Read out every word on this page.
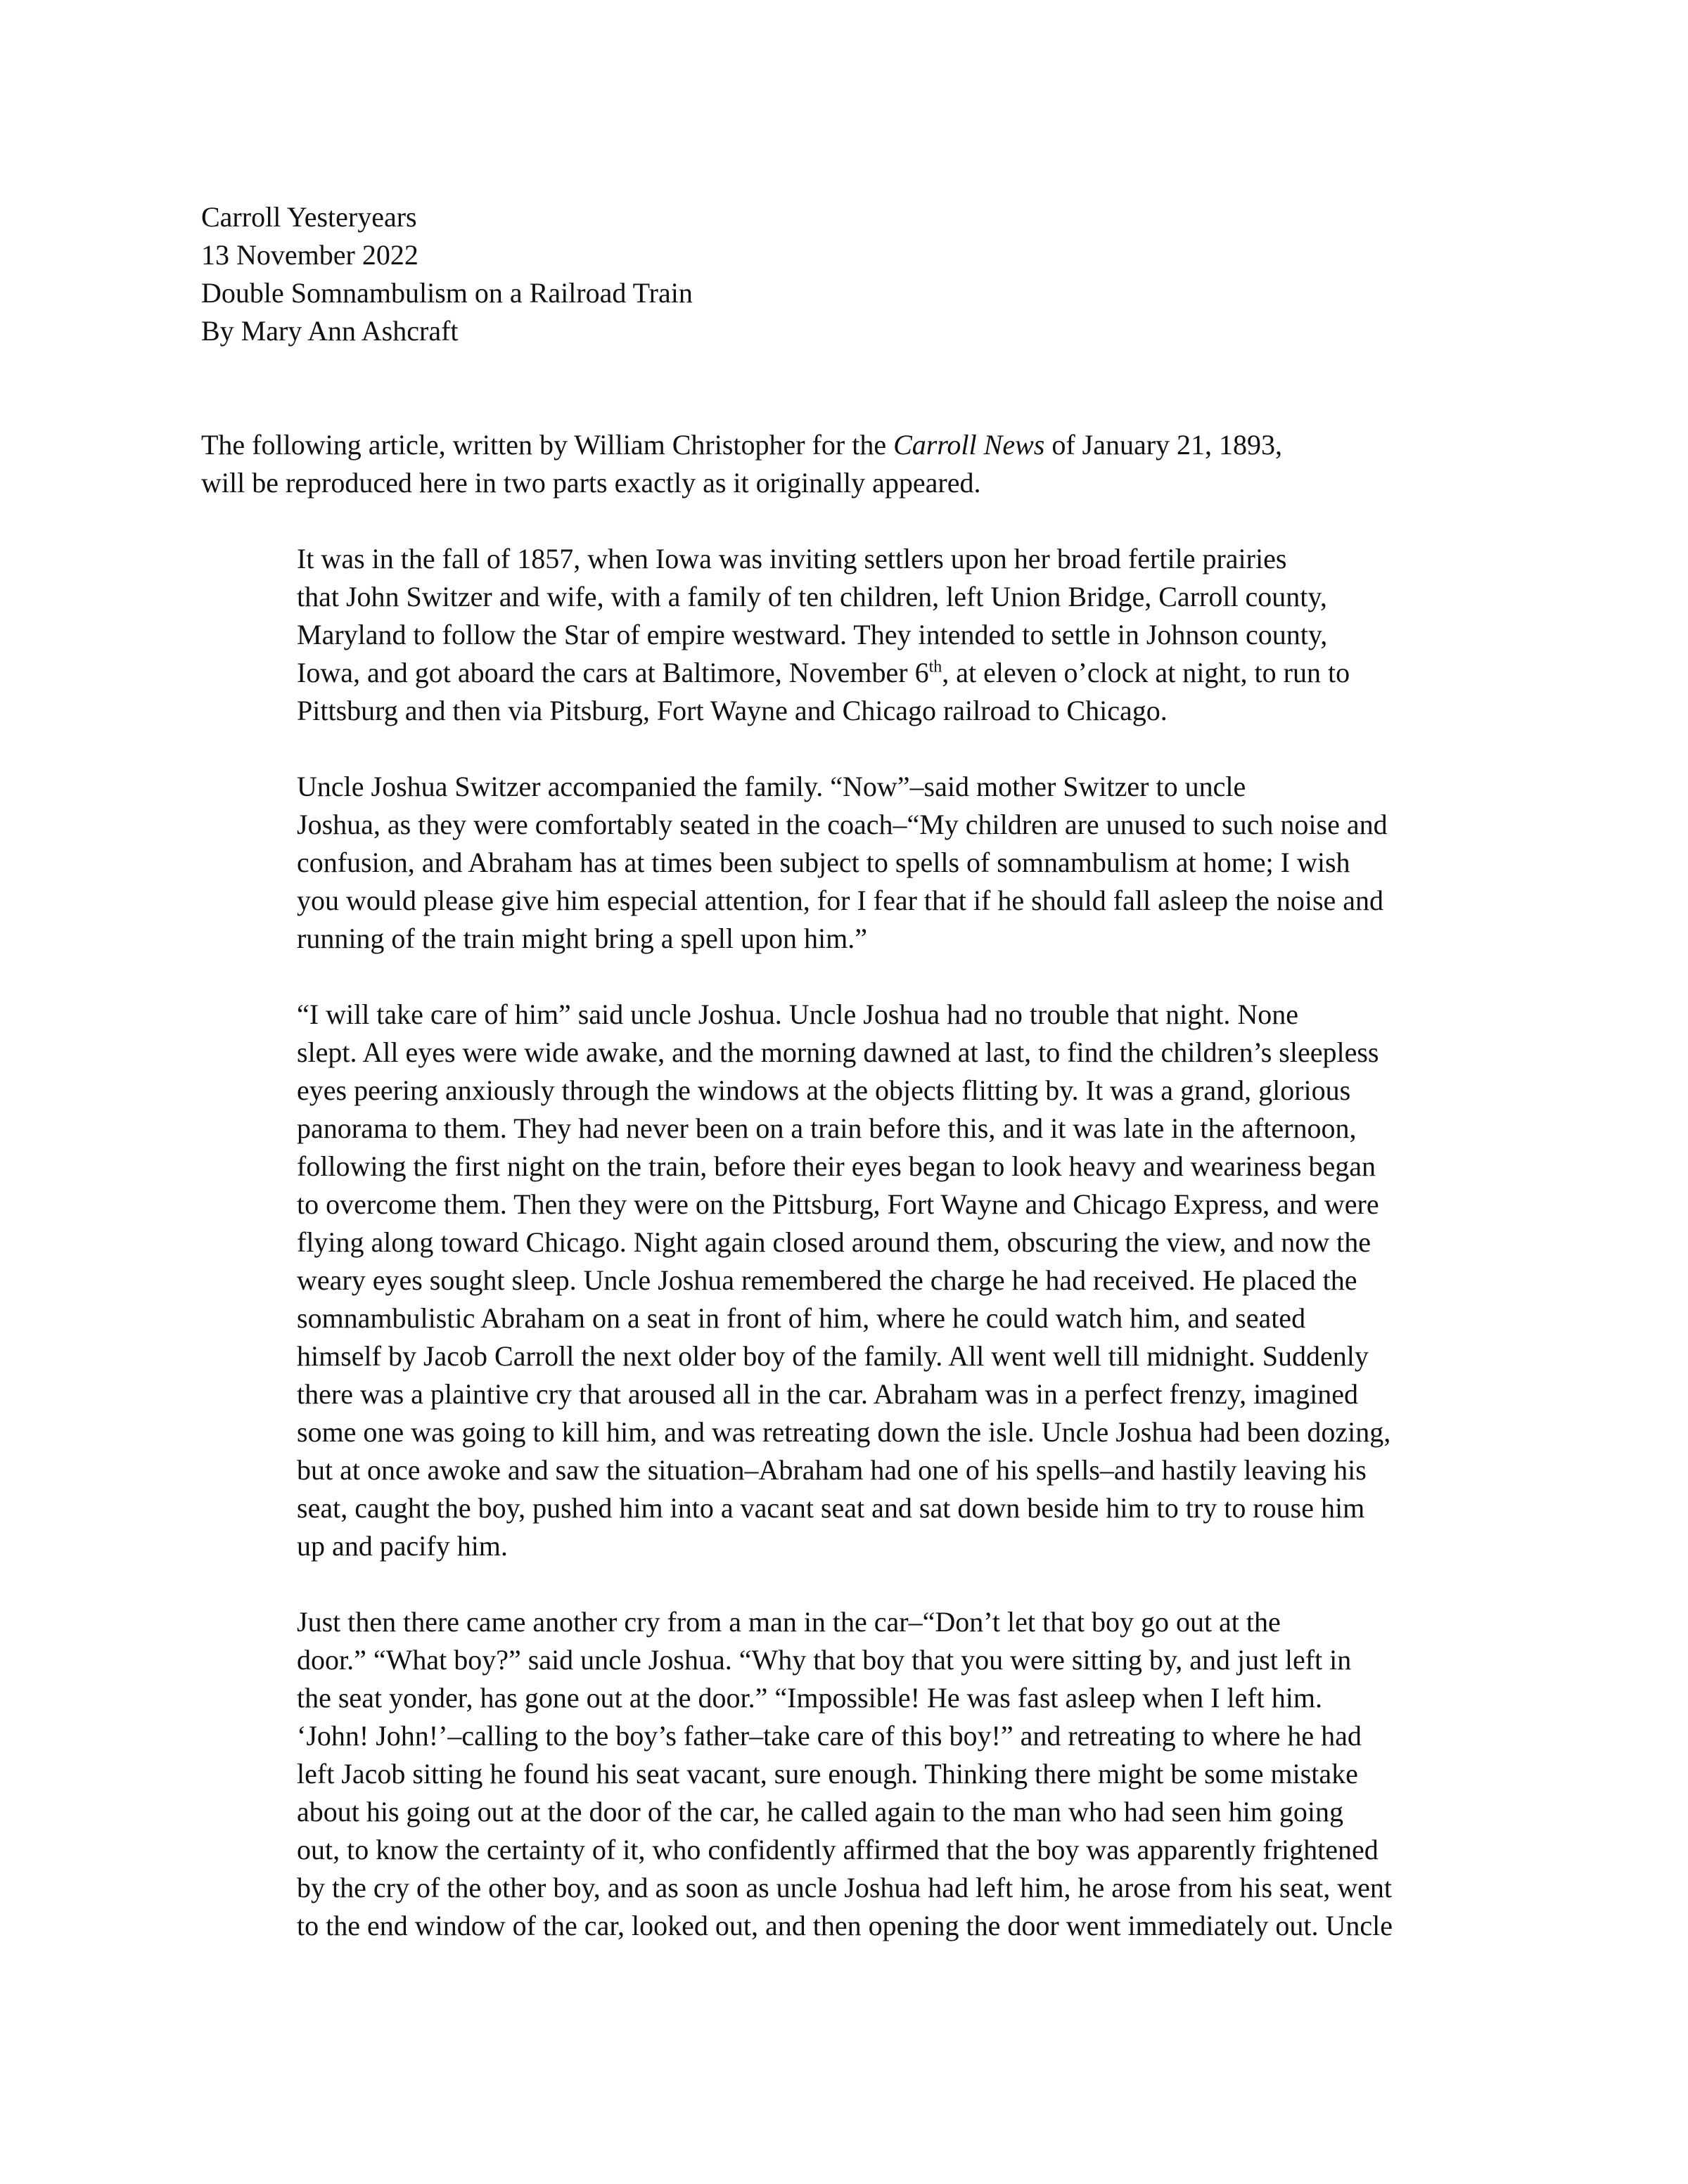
Carroll Yesteryears

13 November 2022

Double Somnambulism on a Railroad Train

By Mary Ann Ashcraft

The following article, written by William Christopher for the Carroll News of January 21, 1893,
will be reproduced here in two parts exactly as it originally appeared.

It was in the fall of 1857, when Iowa was inviting settlers upon her broad fertile prairies
that John Switzer and wife, with a family of ten children, left Union Bridge, Carroll county,
Maryland to follow the Star of empire westward. They intended to settle in Johnson county,
Iowa, and got aboard the cars at Baltimore, November 6th, at eleven o’clock at night, to run to
Pittsburg and then via Pitsburg, Fort Wayne and Chicago railroad to Chicago.

Uncle Joshua Switzer accompanied the family. “Now”–said mother Switzer to uncle
Joshua, as they were comfortably seated in the coach–“My children are unused to such noise and
confusion, and Abraham has at times been subject to spells of somnambulism at home; I wish
you would please give him especial attention, for I fear that if he should fall asleep the noise and
running of the train might bring a spell upon him.”

“I will take care of him” said uncle Joshua. Uncle Joshua had no trouble that night. None
slept. All eyes were wide awake, and the morning dawned at last, to find the children’s sleepless
eyes peering anxiously through the windows at the objects flitting by. It was a grand, glorious
panorama to them. They had never been on a train before this, and it was late in the afternoon,
following the first night on the train, before their eyes began to look heavy and weariness began
to overcome them. Then they were on the Pittsburg, Fort Wayne and Chicago Express, and were
flying along toward Chicago. Night again closed around them, obscuring the view, and now the
weary eyes sought sleep. Uncle Joshua remembered the charge he had received. He placed the
somnambulistic Abraham on a seat in front of him, where he could watch him, and seated
himself by Jacob Carroll the next older boy of the family. All went well till midnight. Suddenly
there was a plaintive cry that aroused all in the car. Abraham was in a perfect frenzy, imagined
some one was going to kill him, and was retreating down the isle. Uncle Joshua had been dozing,
but at once awoke and saw the situation–Abraham had one of his spells–and hastily leaving his
seat, caught the boy, pushed him into a vacant seat and sat down beside him to try to rouse him
up and pacify him.

Just then there came another cry from a man in the car–“Don’t let that boy go out at the
door.” “What boy?” said uncle Joshua. “Why that boy that you were sitting by, and just left in
the seat yonder, has gone out at the door.” “Impossible! He was fast asleep when I left him.
‘John! John!’–calling to the boy’s father–take care of this boy!” and retreating to where he had
left Jacob sitting he found his seat vacant, sure enough. Thinking there might be some mistake
about his going out at the door of the car, he called again to the man who had seen him going
out, to know the certainty of it, who confidently affirmed that the boy was apparently frightened
by the cry of the other boy, and as soon as uncle Joshua had left him, he arose from his seat, went
to the end window of the car, looked out, and then opening the door went immediately out. Uncle
